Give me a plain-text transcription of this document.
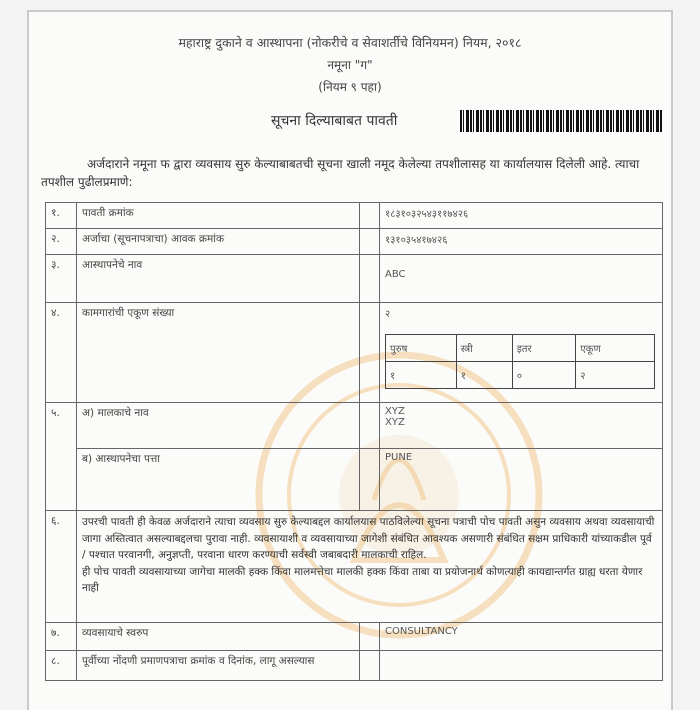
महाराष्ट्र दुकाने व आस्थापना (नोकरीचे व सेवाशर्तीचे विनियमन) नियम, २०१८
नमूना "ग"
(नियम ९ पहा)
सूचना दिल्याबाबत पावती
अर्जदाराने नमूना फ द्वारा व्यवसाय सुरु केल्याबाबतची सूचना खाली नमूद केलेल्या तपशीलासह या कार्यालयास दिलेली आहे. त्याचा तपशील पुढीलप्रमाणे:
१.	पावती क्रमांक		१८३१०३२५४३११७४२६
२.	अर्जाचा (सूचनापत्राचा) आवक क्रमांक		१३१०३५४१७४२६
३.	आस्थापनेचे नाव		ABC
४.	कामगारांची एकूण संख्या		२
पुरुष	स्त्री	इतर	एकूण
१	१	०	२

५.	अ) मालकाचे नाव		XYZ
XYZ

ब) आस्थापनेचा पत्ता		PUNE
६.	उपरची पावती ही केवळ अर्जदाराने त्याचा व्यवसाय सुरु केल्याबद्दल कार्यालयास पाठविलेल्या सूचना पत्राची पोच पावती असुन व्यवसाय अथवा व्यवसायाची जागा अस्तित्वात असल्याबद्दलचा पुरावा नाही. व्यवसायाशी व व्यवसायाच्या जागेशी संबंधित आवश्यक असणारी संबंधित सक्षम प्राधिकारी यांच्याकडील पूर्व / पश्चात परवानगी, अनुज्ञप्ती, परवाना धारण करण्याची सर्वस्वी जबाबदारी मालकाची राहिल.
ही पोच पावती व्यवसायाच्या जागेचा मालकी हक्क किंवा मालमत्तेचा मालकी हक्क किंवा ताबा या प्रयोजनार्थ कोणत्याही कायद्यान्तर्गत ग्राह्य धरता येणार नाही

७.	व्यवसायाचे स्वरुप		CONSULTANCY
८.	पूर्वीच्या नोंदणी प्रमाणपत्राचा क्रमांक व दिनांक, लागू असल्यास		
